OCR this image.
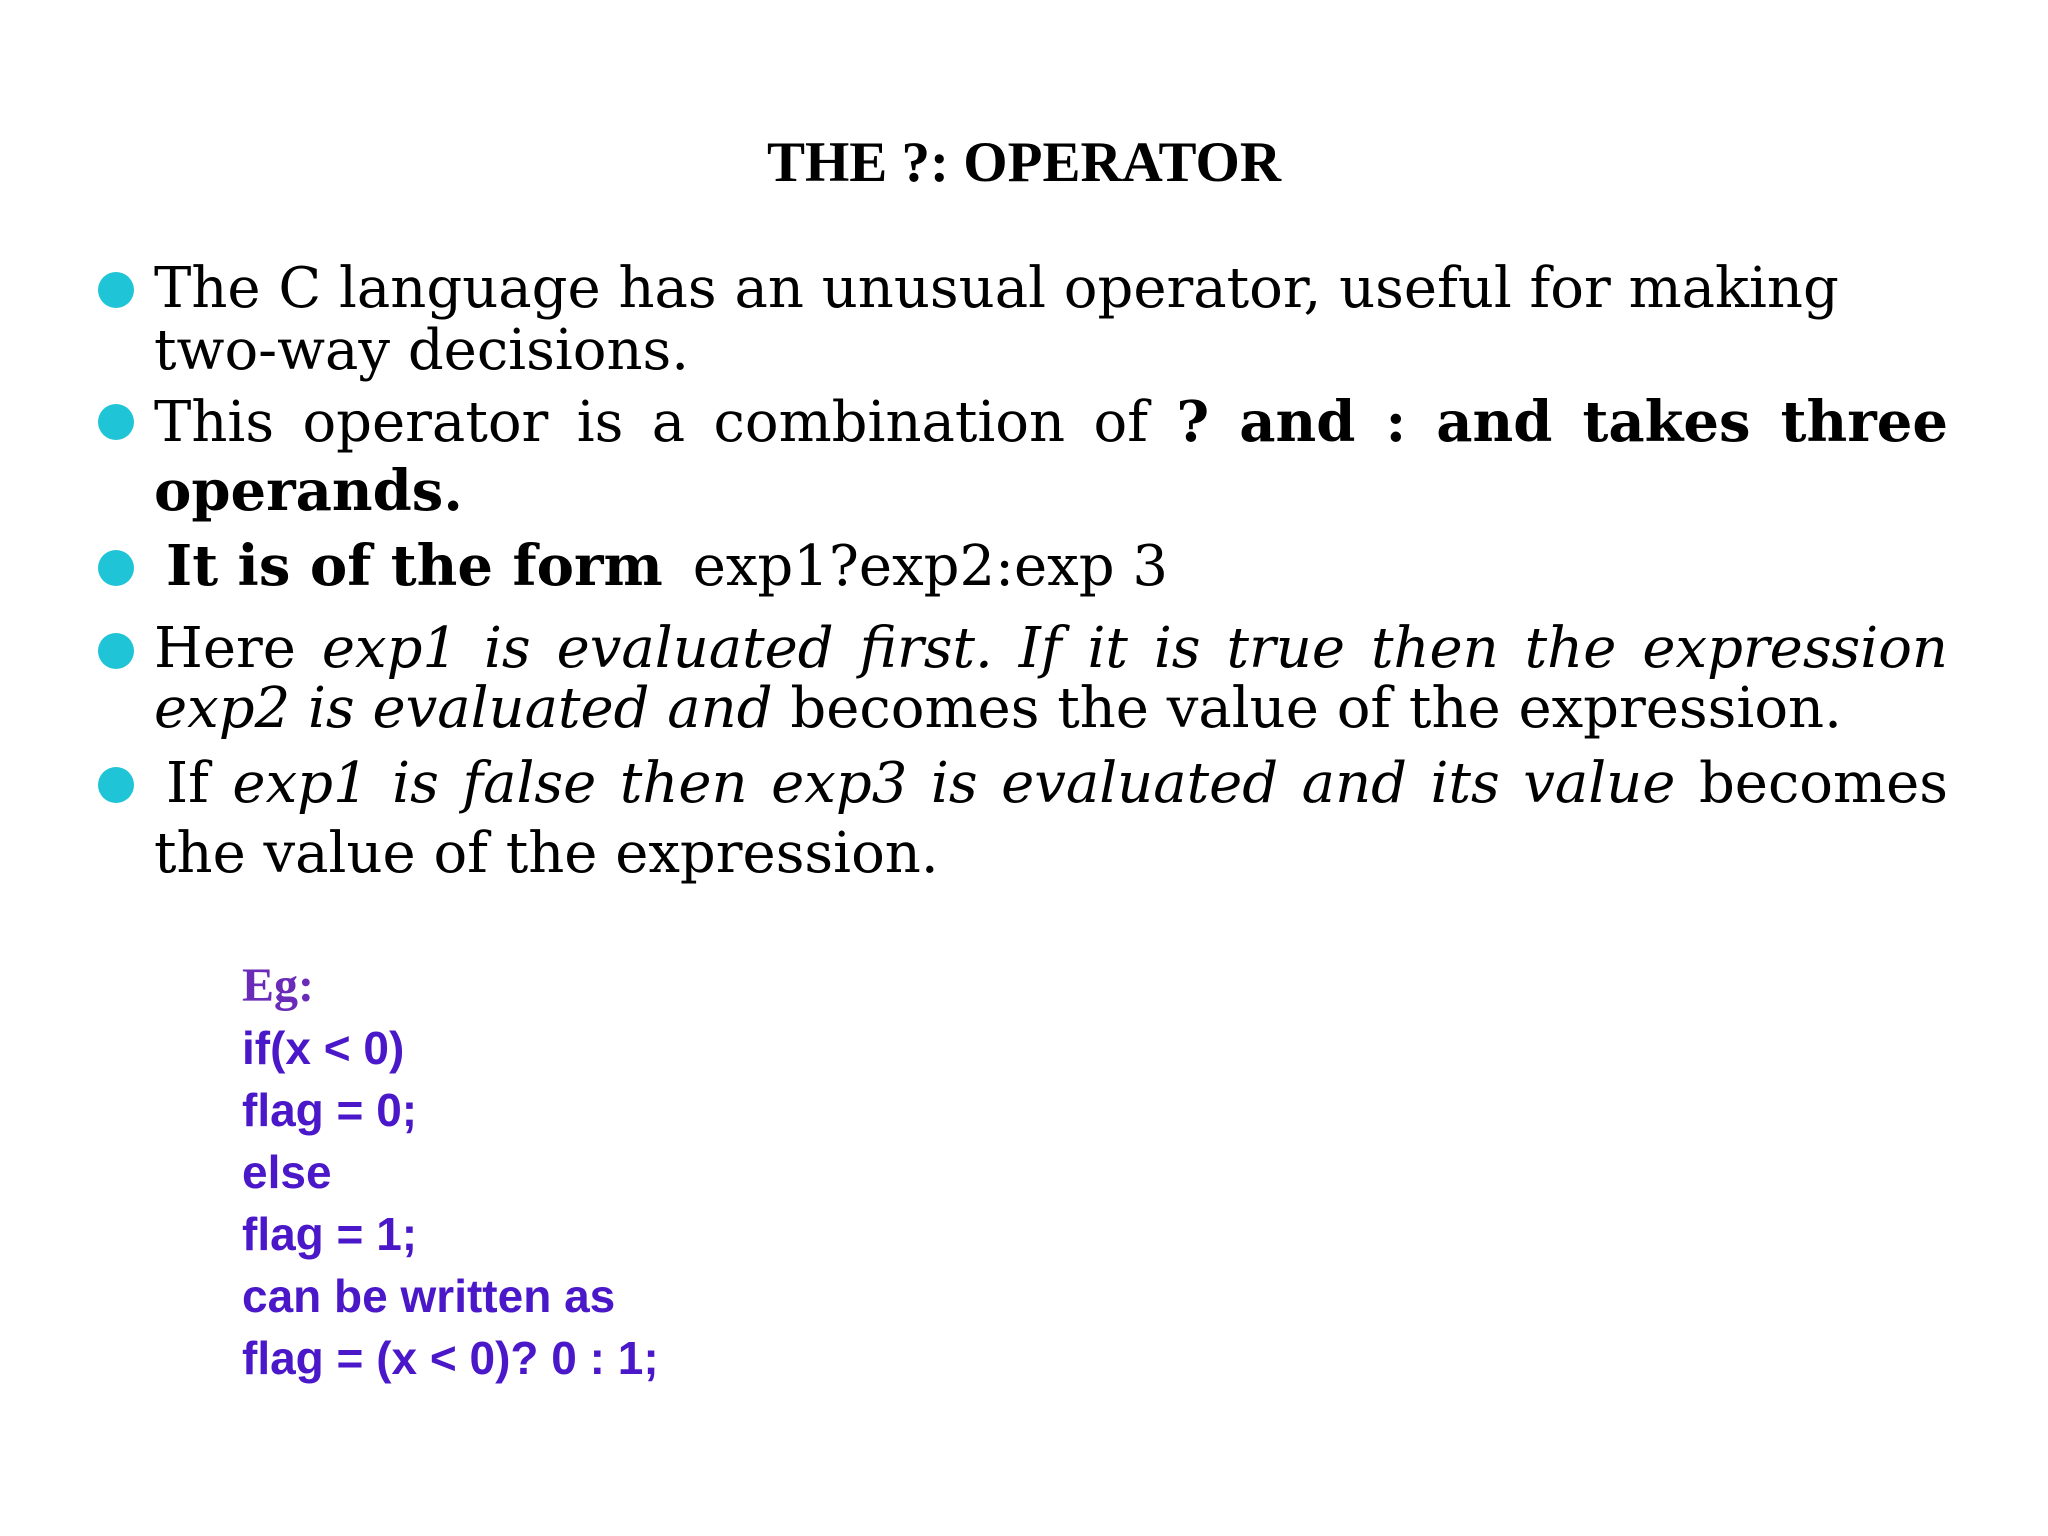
THE ?: OPERATOR
The C language has an unusual operator, useful for making two-way decisions.
This operator is a combination of ? and : and takes three operands.
It is of the form exp1?exp2:exp 3
Here exp1 is evaluated first. If it is true then the expression exp2 is evaluated and becomes the value of the expression.
If exp1 is false then exp3 is evaluated and its value becomes the value of the expression.
Eg:
if(x < 0)
flag = 0;
else
flag = 1;
can be written as
flag = (x < 0)? 0 : 1;
